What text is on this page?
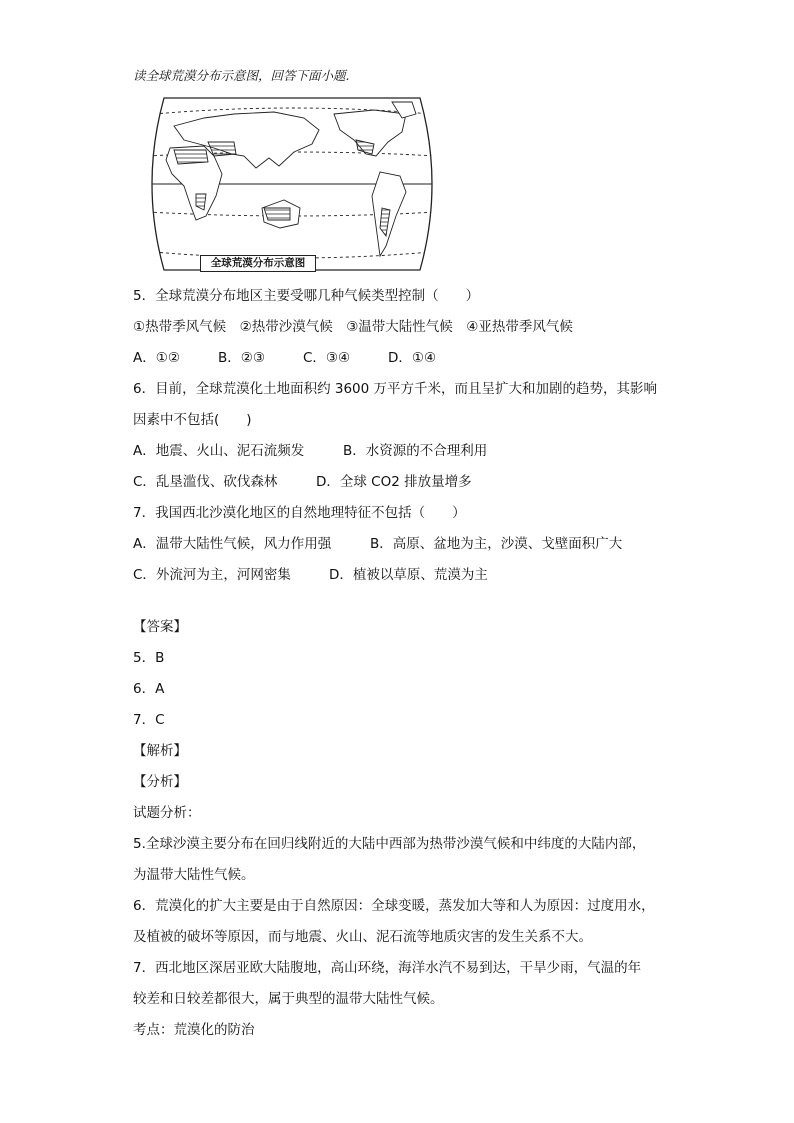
读全球荒漠分布示意图，回答下面小题.
全球荒漠分布示意图
5．全球荒漠分布地区主要受哪几种气候类型控制（　　）
①热带季风气候　②热带沙漠气候　③温带大陆性气候　④亚热带季风气候
A．①②	B．②③	C．③④	D．①④
6．目前，全球荒漠化土地面积约 3600 万平方千米，而且呈扩大和加剧的趋势，其影响
因素中不包括(　　)
A．地震、火山、泥石流频发	B．水资源的不合理利用
C．乱垦滥伐、砍伐森林	D．全球 CO2 排放量增多
7．我国西北沙漠化地区的自然地理特征不包括（　　）
A．温带大陆性气候，风力作用强	B．高原、盆地为主，沙漠、戈壁面积广大
C．外流河为主，河网密集	D．植被以草原、荒漠为主
【答案】
5．B
6．A
7．C
【解析】
【分析】
试题分析：
5.全球沙漠主要分布在回归线附近的大陆中西部为热带沙漠气候和中纬度的大陆内部，
为温带大陆性气候。
6．荒漠化的扩大主要是由于自然原因：全球变暖，蒸发加大等和人为原因：过度用水，
及植被的破坏等原因，而与地震、火山、泥石流等地质灾害的发生关系不大。
7．西北地区深居亚欧大陆腹地，高山环绕，海洋水汽不易到达，干旱少雨，气温的年
较差和日较差都很大，属于典型的温带大陆性气候。
考点：荒漠化的防治
